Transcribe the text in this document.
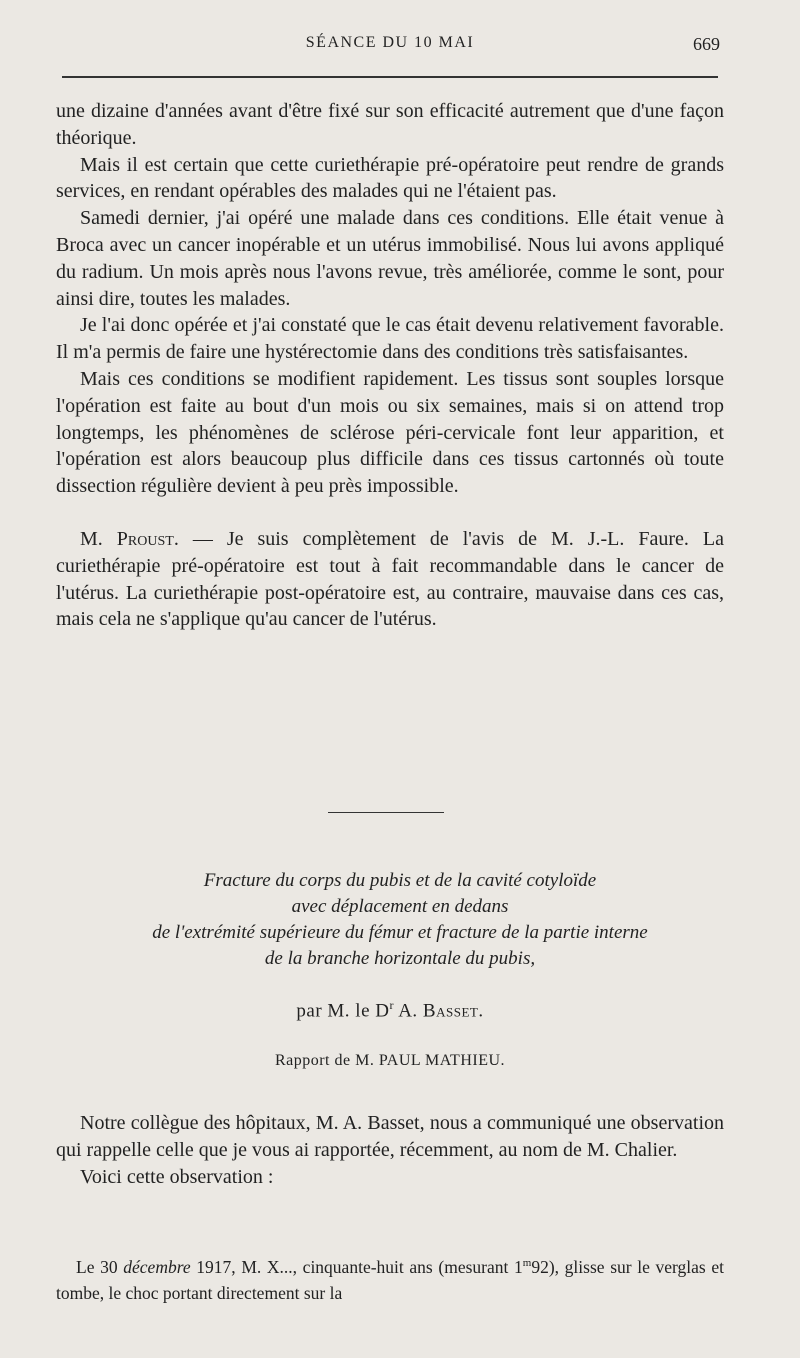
SÉANCE DU 10 MAI	669

une dizaine d'années avant d'être fixé sur son efficacité autrement que d'une façon théorique.

Mais il est certain que cette curiethérapie pré-opératoire peut rendre de grands services, en rendant opérables des malades qui ne l'étaient pas.

Samedi dernier, j'ai opéré une malade dans ces conditions. Elle était venue à Broca avec un cancer inopérable et un utérus immobilisé. Nous lui avons appliqué du radium. Un mois après nous l'avons revue, très améliorée, comme le sont, pour ainsi dire, toutes les malades.

Je l'ai donc opérée et j'ai constaté que le cas était devenu relativement favorable. Il m'a permis de faire une hystérectomie dans des conditions très satisfaisantes.

Mais ces conditions se modifient rapidement. Les tissus sont souples lorsque l'opération est faite au bout d'un mois ou six semaines, mais si on attend trop longtemps, les phénomènes de sclérose péri-cervicale font leur apparition, et l'opération est alors beaucoup plus difficile dans ces tissus cartonnés où toute dissection régulière devient à peu près impossible.

M. Proust. — Je suis complètement de l'avis de M. J.-L. Faure. La curiethérapie pré-opératoire est tout à fait recommandable dans le cancer de l'utérus. La curiethérapie post-opératoire est, au contraire, mauvaise dans ces cas, mais cela ne s'applique qu'au cancer de l'utérus.

Fracture du corps du pubis et de la cavité cotyloïde
avec déplacement en dedans
de l'extrémité supérieure du fémur et fracture de la partie interne
de la branche horizontale du pubis,
par M. le $D^r$ A. Basset.
Rapport de M. PAUL MATHIEU.

Notre collègue des hôpitaux, M. A. Basset, nous a communiqué une observation qui rappelle celle que je vous ai rapportée, récemment, au nom de M. Chalier.

Voici cette observation :

Le 30 décembre 1917, M. X..., cinquante-huit ans (mesurant 1$^m$92), glisse sur le verglas et tombe, le choc portant directement sur la
